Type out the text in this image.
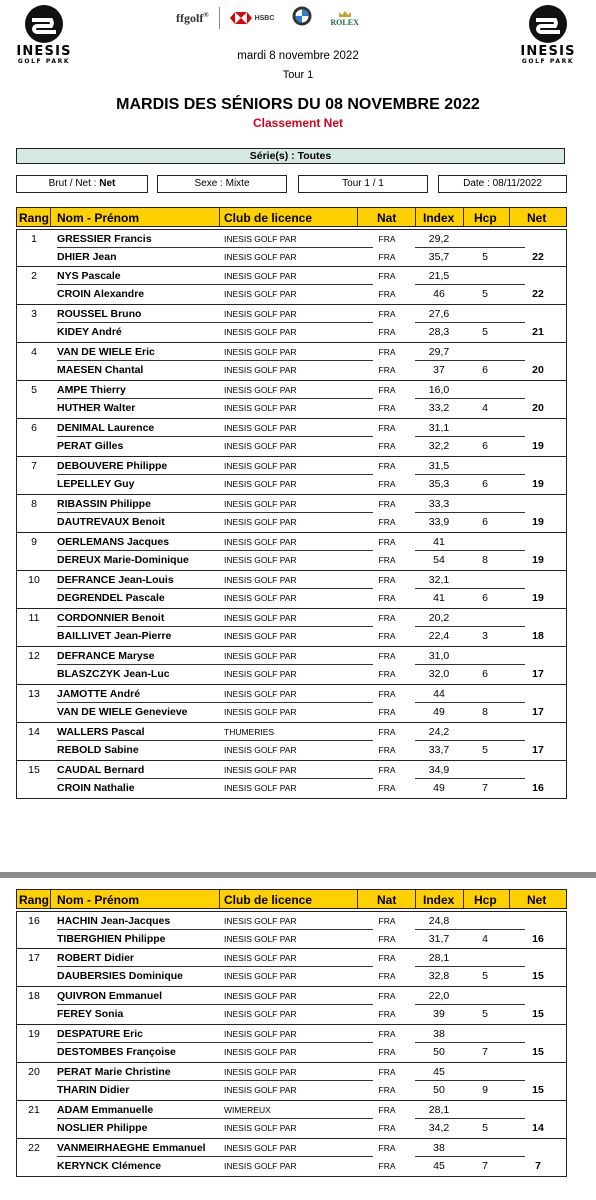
INESIS
GOLF PARK
INESIS
GOLF PARK
ffgolf®	HSBC	ROLEX
mardi 8 novembre 2022
Tour 1
MARDIS DES SÉNIORS DU 08 NOVEMBRE 2022
Classement Net
Série(s) : Toutes
Brut / Net : Net	Sexe : Mixte	Tour 1 / 1	Date : 08/11/2022
Rang Nom - Prénom	Club de licence	Nat Index Hcp	Net
1	GRESSIER Francis	INESIS GOLF PAR	FRA	29,2
DHIER Jean	INESIS GOLF PAR	FRA	35,7	5	22
2	NYS Pascale	INESIS GOLF PAR	FRA	21,5
CROIN Alexandre	INESIS GOLF PAR	FRA	46	5	22
3	ROUSSEL Bruno	INESIS GOLF PAR	FRA	27,6
KIDEY André	INESIS GOLF PAR	FRA	28,3	5	21
4	VAN DE WIELE Eric	INESIS GOLF PAR	FRA	29,7
MAESEN Chantal	INESIS GOLF PAR	FRA	37	6	20
5	AMPE Thierry	INESIS GOLF PAR	FRA	16,0
HUTHER Walter	INESIS GOLF PAR	FRA	33,2	4	20
6	DENIMAL Laurence	INESIS GOLF PAR	FRA	31,1
PERAT Gilles	INESIS GOLF PAR	FRA	32,2	6	19
7	DEBOUVERE Philippe	INESIS GOLF PAR	FRA	31,5
LEPELLEY Guy	INESIS GOLF PAR	FRA	35,3	6	19
8	RIBASSIN Philippe	INESIS GOLF PAR	FRA	33,3
DAUTREVAUX Benoit	INESIS GOLF PAR	FRA	33,9	6	19
9	OERLEMANS Jacques	INESIS GOLF PAR	FRA	41
DEREUX Marie-Dominique	INESIS GOLF PAR	FRA	54	8	19
10	DEFRANCE Jean-Louis	INESIS GOLF PAR	FRA	32,1
DEGRENDEL Pascale	INESIS GOLF PAR	FRA	41	6	19
11	CORDONNIER Benoit	INESIS GOLF PAR	FRA	20,2
BAILLIVET Jean-Pierre	INESIS GOLF PAR	FRA	22,4	3	18
12	DEFRANCE Maryse	INESIS GOLF PAR	FRA	31,0
BLASZCZYK Jean-Luc	INESIS GOLF PAR	FRA	32,0	6	17
13	JAMOTTE André	INESIS GOLF PAR	FRA	44
VAN DE WIELE Genevieve	INESIS GOLF PAR	FRA	49	8	17
14	WALLERS Pascal	THUMERIES	FRA	24,2
REBOLD Sabine	INESIS GOLF PAR	FRA	33,7	5	17
15	CAUDAL Bernard	INESIS GOLF PAR	FRA	34,9
CROIN Nathalie	INESIS GOLF PAR	FRA	49	7	16
Rang Nom - Prénom	Club de licence	Nat Index Hcp	Net
16	HACHIN Jean-Jacques	INESIS GOLF PAR	FRA	24,8
TIBERGHIEN Philippe	INESIS GOLF PAR	FRA	31,7	4	16
17	ROBERT Didier	INESIS GOLF PAR	FRA	28,1
DAUBERSIES Dominique	INESIS GOLF PAR	FRA	32,8	5	15
18	QUIVRON Emmanuel	INESIS GOLF PAR	FRA	22,0
FEREY Sonia	INESIS GOLF PAR	FRA	39	5	15
19	DESPATURE Eric	INESIS GOLF PAR	FRA	38
DESTOMBES Françoise	INESIS GOLF PAR	FRA	50	7	15
20	PERAT Marie Christine	INESIS GOLF PAR	FRA	45
THARIN Didier	INESIS GOLF PAR	FRA	50	9	15
21	ADAM Emmanuelle	WIMEREUX	FRA	28,1
NOSLIER Philippe	INESIS GOLF PAR	FRA	34,2	5	14
22	VANMEIRHAEGHE Emmanuel INESIS GOLF PAR	FRA	38
KERYNCK Clémence	INESIS GOLF PAR	FRA	45	7	7
